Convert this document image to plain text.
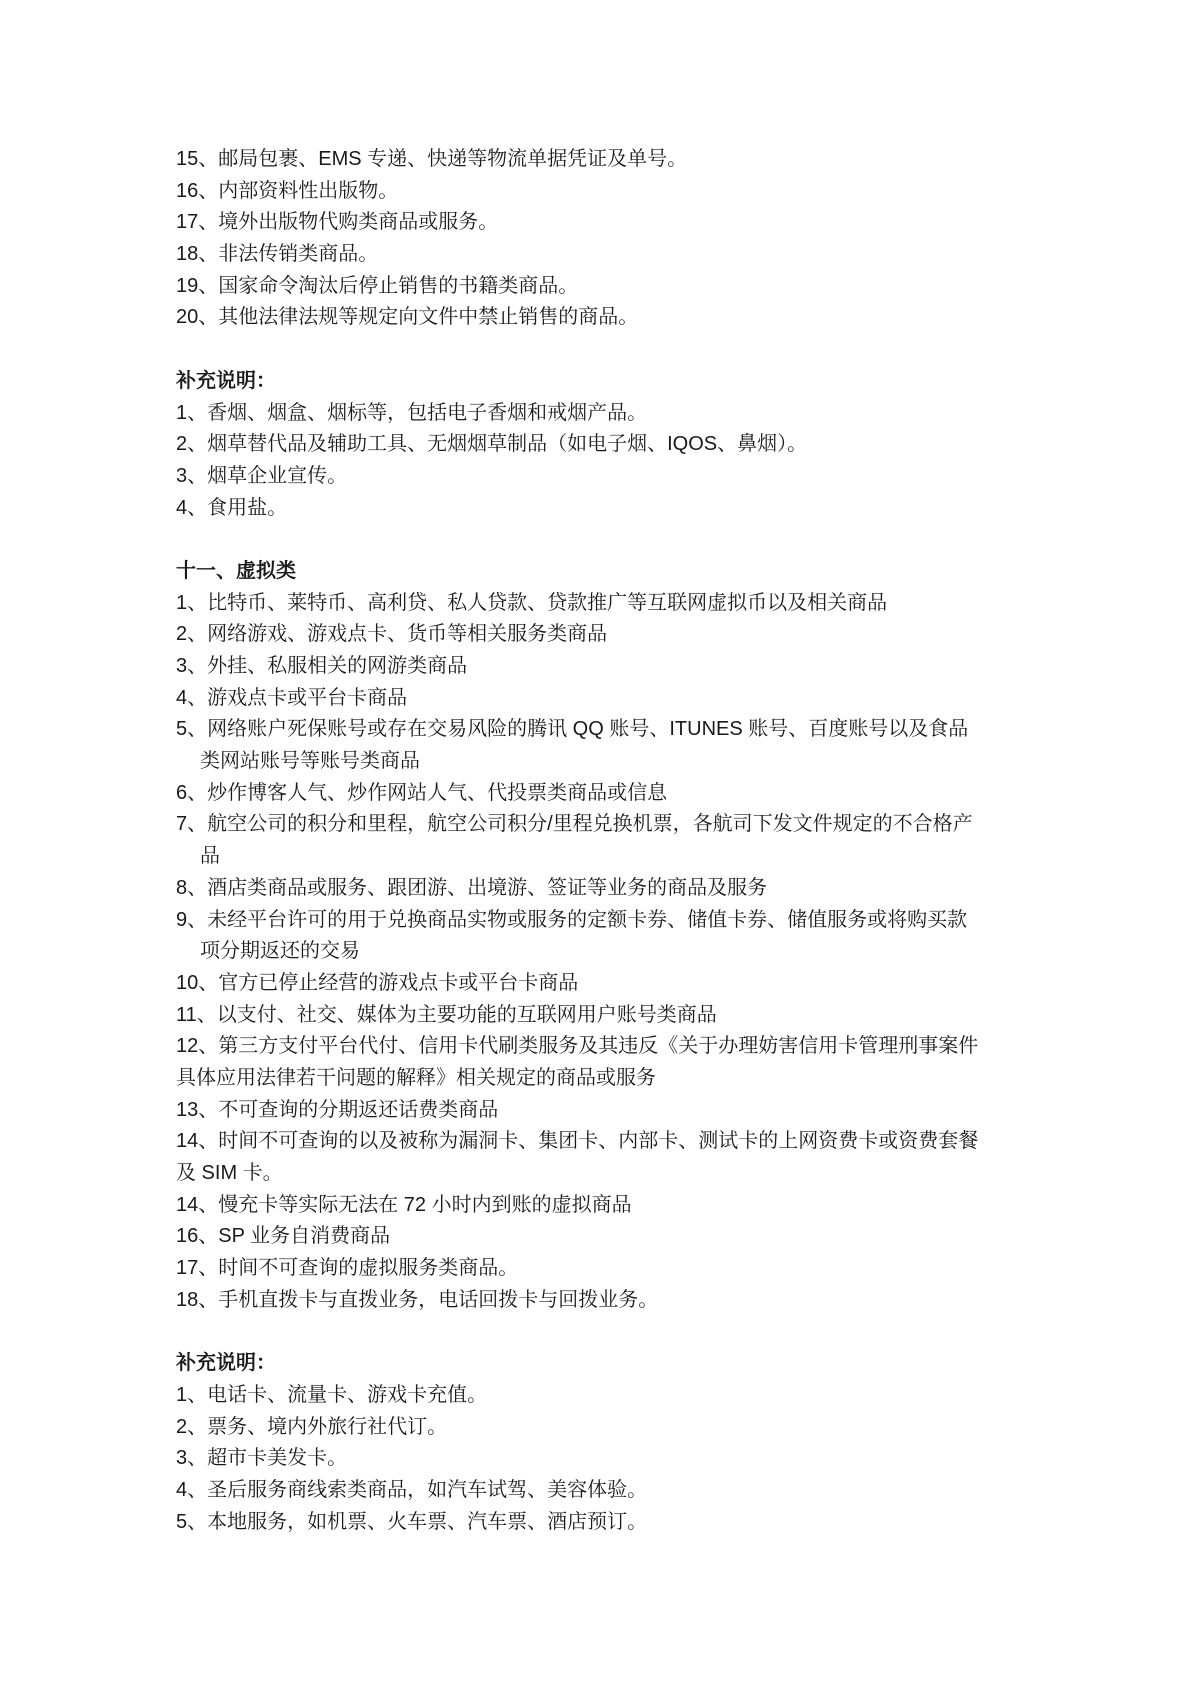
15、邮局包裹、EMS 专递、快递等物流单据凭证及单号。
16、内部资料性出版物。
17、境外出版物代购类商品或服务。
18、非法传销类商品。
19、国家命令淘汰后停止销售的书籍类商品。
20、其他法律法规等规定向文件中禁止销售的商品。
补充说明：
1、香烟、烟盒、烟标等，包括电子香烟和戒烟产品。
2、烟草替代品及辅助工具、无烟烟草制品（如电子烟、IQOS、鼻烟）。
3、烟草企业宣传。
4、食用盐。
十一、虚拟类
1、比特币、莱特币、高利贷、私人贷款、贷款推广等互联网虚拟币以及相关商品
2、网络游戏、游戏点卡、货币等相关服务类商品
3、外挂、私服相关的网游类商品
4、游戏点卡或平台卡商品
5、网络账户死保账号或存在交易风险的腾讯 QQ 账号、ITUNES 账号、百度账号以及食品
类网站账号等账号类商品
6、炒作博客人气、炒作网站人气、代投票类商品或信息
7、航空公司的积分和里程，航空公司积分/里程兑换机票，各航司下发文件规定的不合格产
品
8、酒店类商品或服务、跟团游、出境游、签证等业务的商品及服务
9、未经平台许可的用于兑换商品实物或服务的定额卡券、储值卡券、储值服务或将购买款
项分期返还的交易
10、官方已停止经营的游戏点卡或平台卡商品
11、以支付、社交、媒体为主要功能的互联网用户账号类商品
12、第三方支付平台代付、信用卡代刷类服务及其违反《关于办理妨害信用卡管理刑事案件
具体应用法律若干问题的解释》相关规定的商品或服务
13、不可查询的分期返还话费类商品
14、时间不可查询的以及被称为漏洞卡、集团卡、内部卡、测试卡的上网资费卡或资费套餐
及 SIM 卡。
14、慢充卡等实际无法在 72 小时内到账的虚拟商品
16、SP 业务自消费商品
17、时间不可查询的虚拟服务类商品。
18、手机直拨卡与直拨业务，电话回拨卡与回拨业务。
补充说明：
1、电话卡、流量卡、游戏卡充值。
2、票务、境内外旅行社代订。
3、超市卡美发卡。
4、圣后服务商线索类商品，如汽车试驾、美容体验。
5、本地服务，如机票、火车票、汽车票、酒店预订。
